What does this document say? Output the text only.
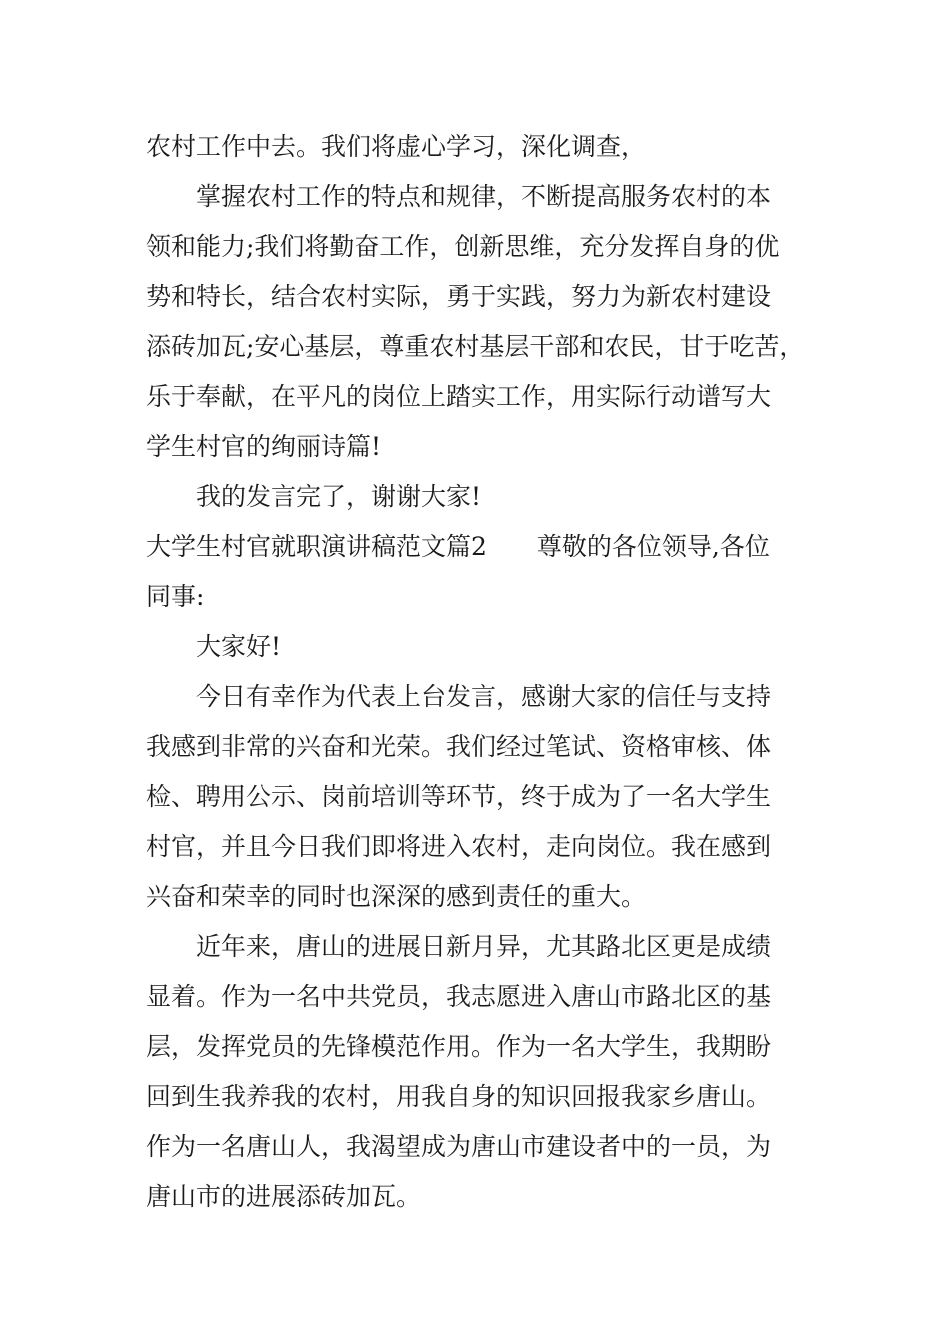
农村工作中去。我们将虚心学习，深化调查，
　　掌握农村工作的特点和规律，不断提高服务农村的本
领和能力;我们将勤奋工作，创新思维，充分发挥自身的优
势和特长，结合农村实际，勇于实践，努力为新农村建设
添砖加瓦;安心基层，尊重农村基层干部和农民，甘于吃苦，
乐于奉献，在平凡的岗位上踏实工作，用实际行动谱写大
学生村官的绚丽诗篇!
　　我的发言完了，谢谢大家!
大学生村官就职演讲稿范文篇2　　尊敬的各位领导,各位
同事:
　　大家好!
　　今日有幸作为代表上台发言，感谢大家的信任与支持
我感到非常的兴奋和光荣。我们经过笔试、资格审核、体
检、聘用公示、岗前培训等环节，终于成为了一名大学生
村官，并且今日我们即将进入农村，走向岗位。我在感到
兴奋和荣幸的同时也深深的感到责任的重大。
　　近年来，唐山的进展日新月异，尤其路北区更是成绩
显着。作为一名中共党员，我志愿进入唐山市路北区的基
层，发挥党员的先锋模范作用。作为一名大学生，我期盼
回到生我养我的农村，用我自身的知识回报我家乡唐山。
作为一名唐山人，我渴望成为唐山市建设者中的一员，为
唐山市的进展添砖加瓦。
